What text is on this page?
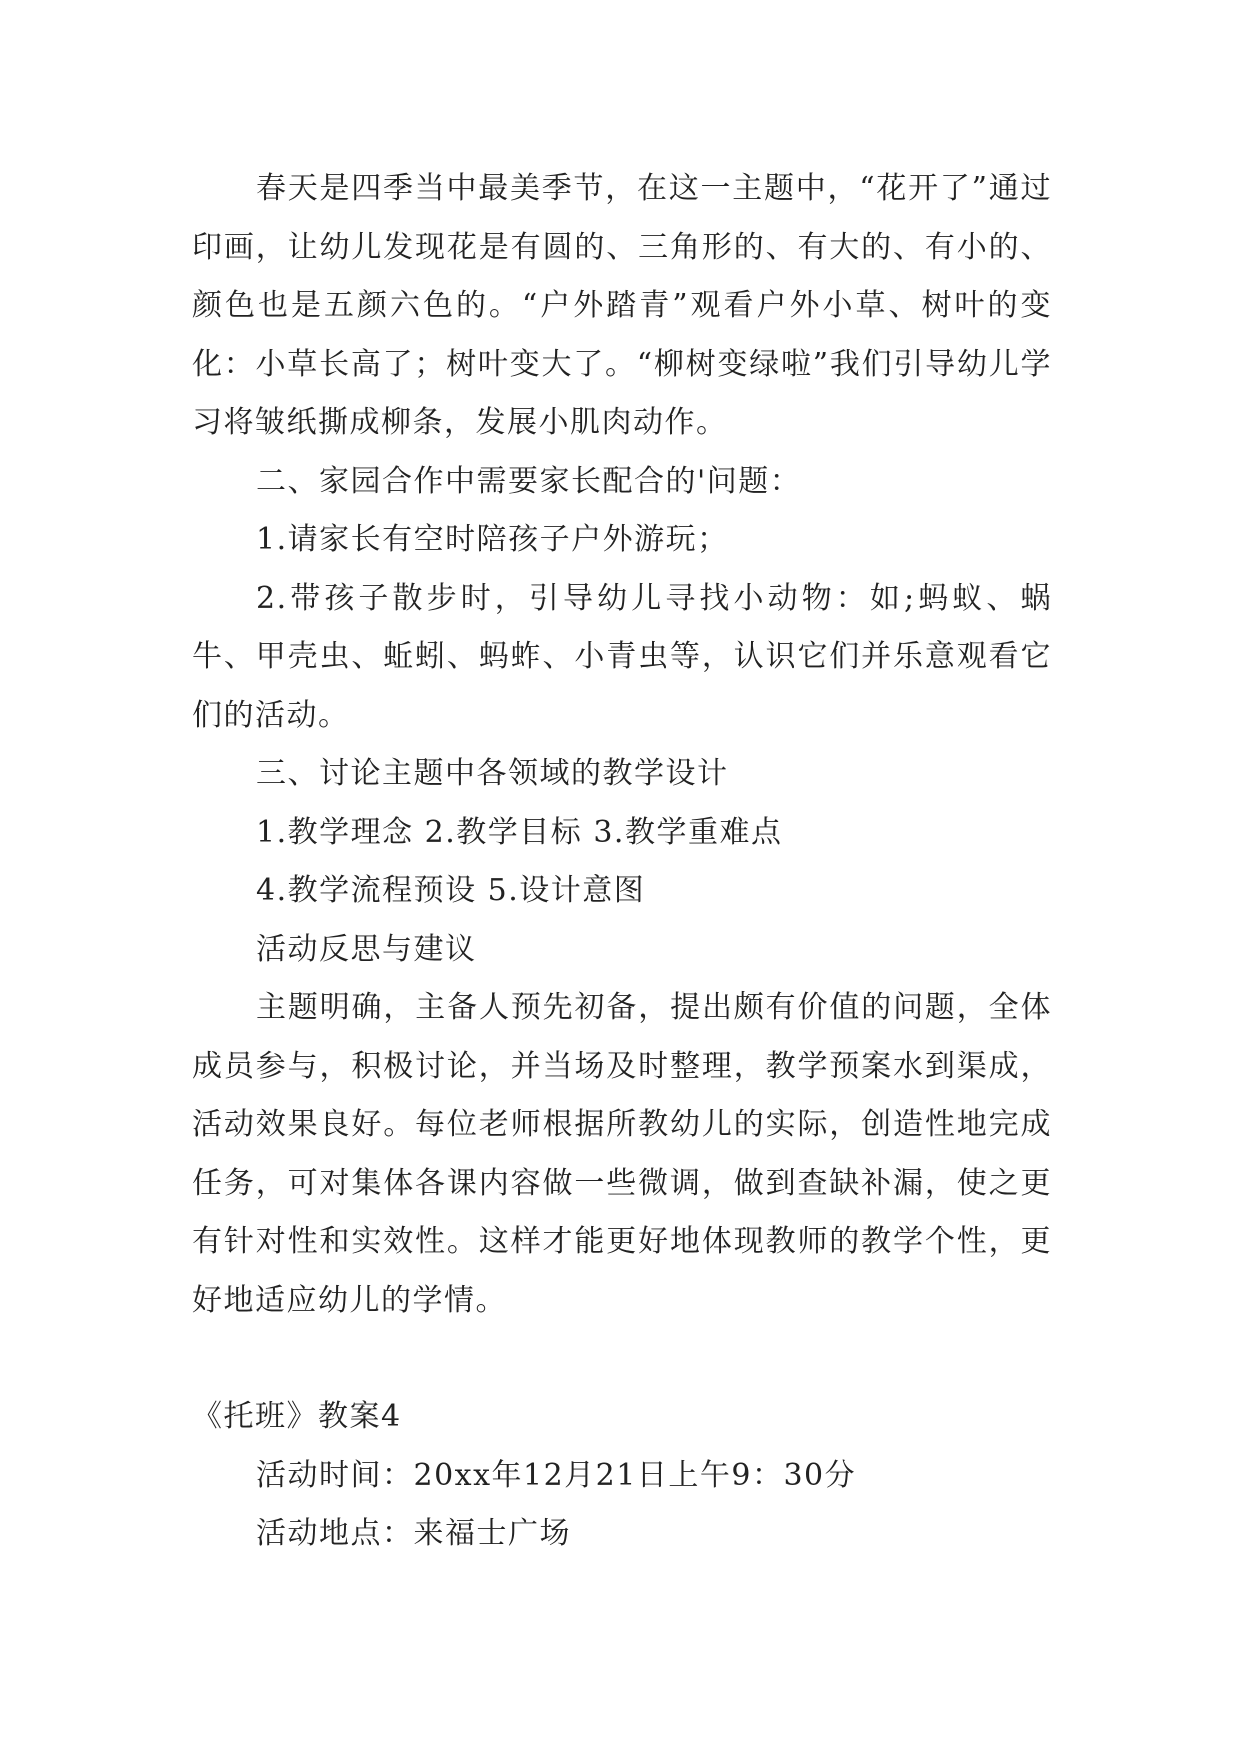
春天是四季当中最美季节，在这一主题中，“花开了”通过印画，让幼儿发现花是有圆的、三角形的、有大的、有小的、颜色也是五颜六色的。“户外踏青”观看户外小草、树叶的变化：小草长高了；树叶变大了。“柳树变绿啦”我们引导幼儿学习将皱纸撕成柳条，发展小肌肉动作。

二、家园合作中需要家长配合的'问题：

1.请家长有空时陪孩子户外游玩；

2.带孩子散步时，引导幼儿寻找小动物：如;蚂蚁、蜗牛、甲壳虫、蚯蚓、蚂蚱、小青虫等，认识它们并乐意观看它们的活动。

三、讨论主题中各领域的教学设计

1.教学理念 2.教学目标 3.教学重难点

4.教学流程预设 5.设计意图

活动反思与建议

主题明确，主备人预先初备，提出颇有价值的问题，全体成员参与，积极讨论，并当场及时整理，教学预案水到渠成，活动效果良好。每位老师根据所教幼儿的实际，创造性地完成任务，可对集体各课内容做一些微调，做到查缺补漏，使之更有针对性和实效性。这样才能更好地体现教师的教学个性，更好地适应幼儿的学情。

《托班》教案4

活动时间：20xx年12月21日上午9：30分

活动地点：来福士广场
